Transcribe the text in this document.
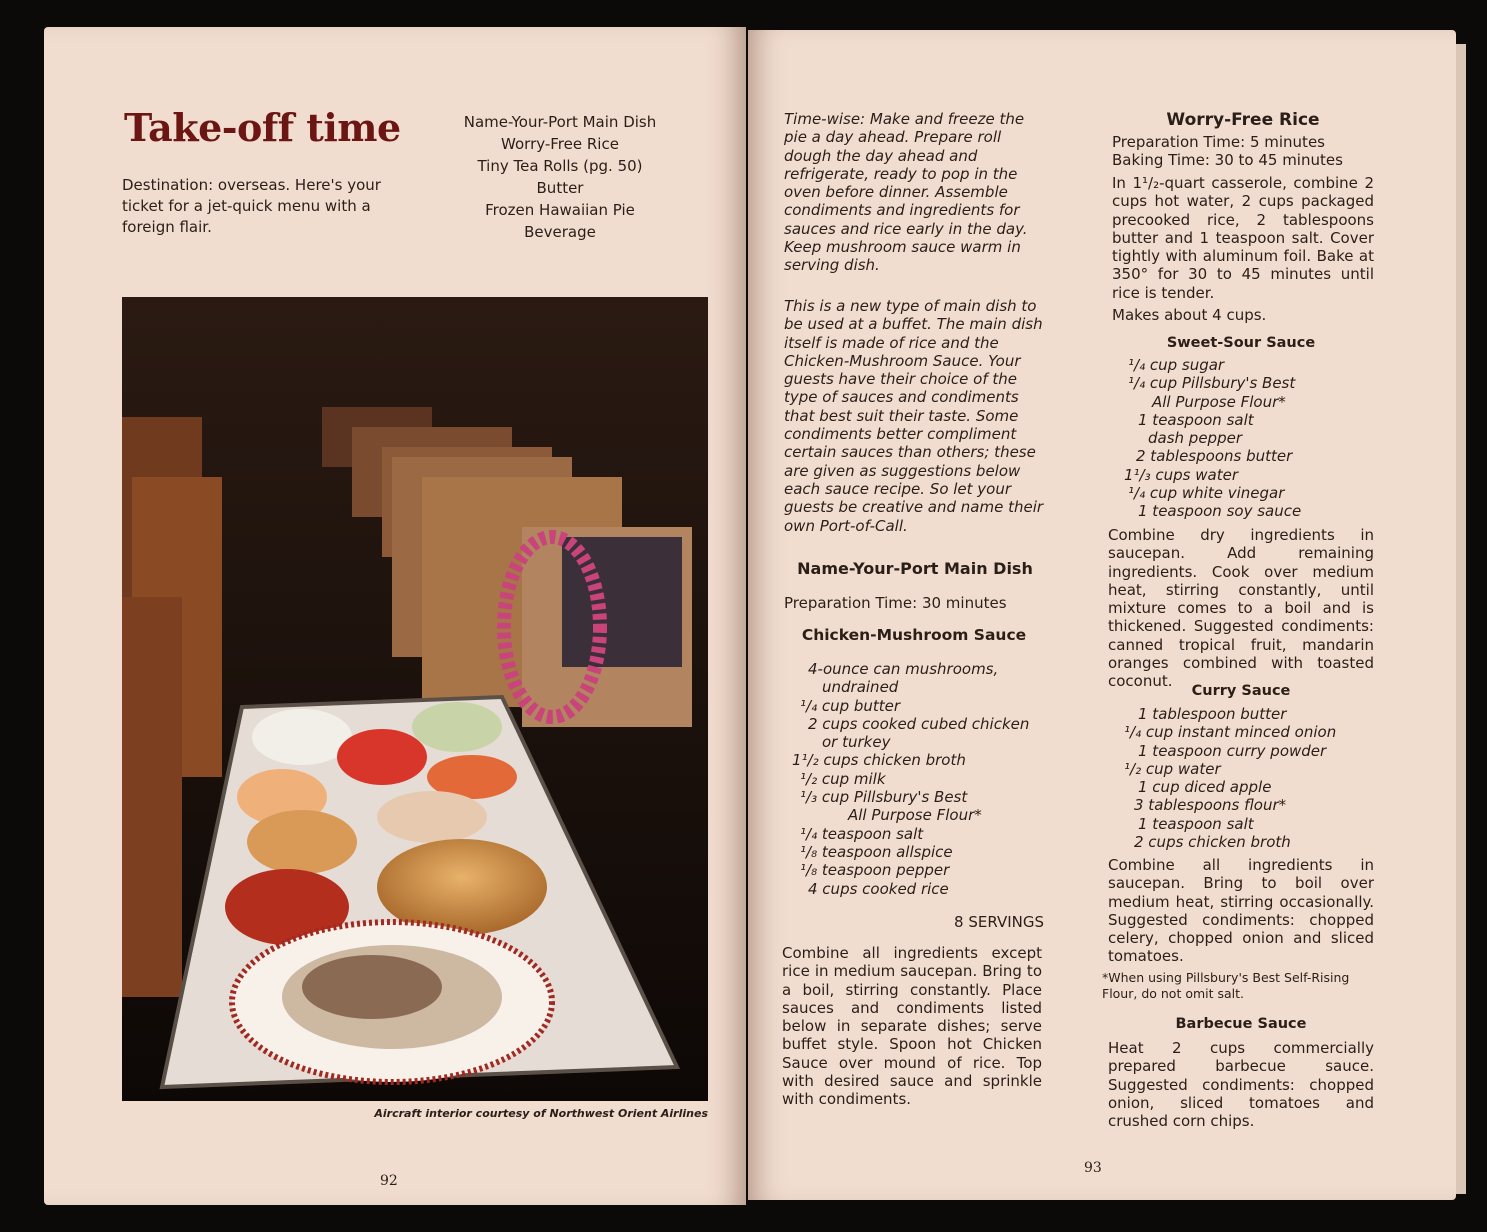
Take-off time
Destination: overseas. Here's your ticket for a jet-quick menu with a foreign flair.
Name-Your-Port Main Dish
Worry-Free Rice
Tiny Tea Rolls (pg. 50)
Butter
Frozen Hawaiian Pie
Beverage
Aircraft interior courtesy of Northwest Orient Airlines
92
Time-wise: Make and freeze the pie a day ahead. Prepare roll dough the day ahead and refrigerate, ready to pop in the oven before dinner. Assemble condiments and ingredients for sauces and rice early in the day. Keep mushroom sauce warm in serving dish.
This is a new type of main dish to be used at a buffet. The main dish itself is made of rice and the Chicken-Mushroom Sauce. Your guests have their choice of the type of sauces and condiments that best suit their taste. Some condiments better compliment certain sauces than others; these are given as suggestions below each sauce recipe. So let your guests be creative and name their own Port-of-Call.
Name-Your-Port Main Dish
Preparation Time: 30 minutes
Chicken-Mushroom Sauce
4-ounce can mushrooms,
undrained
¹/₄ cup butter
2 cups cooked cubed chicken
or turkey
1¹/₂ cups chicken broth
¹/₂ cup milk
¹/₃ cup Pillsbury's Best
All Purpose Flour*
¹/₄ teaspoon salt
¹/₈ teaspoon allspice
¹/₈ teaspoon pepper
4 cups cooked rice
8 SERVINGS
Combine all ingredients except rice in medium saucepan. Bring to a boil, stirring constantly. Place sauces and condiments listed below in separate dishes; serve buffet style. Spoon hot Chicken Sauce over mound of rice. Top with desired sauce and sprinkle with condiments.
Worry-Free Rice
Preparation Time: 5 minutes
Baking Time: 30 to 45 minutes
In 1¹/₂-quart casserole, combine 2 cups hot water, 2 cups packaged precooked rice, 2 tablespoons butter and 1 teaspoon salt. Cover tightly with aluminum foil. Bake at 350° for 30 to 45 minutes until rice is tender.
Makes about 4 cups.
Sweet-Sour Sauce
¹/₄ cup sugar
¹/₄ cup Pillsbury's Best
All Purpose Flour*
1 teaspoon salt
dash pepper
2 tablespoons butter
1¹/₃ cups water
¹/₄ cup white vinegar
1 teaspoon soy sauce
Combine dry ingredients in saucepan. Add remaining ingredients. Cook over medium heat, stirring constantly, until mixture comes to a boil and is thickened. Suggested condiments: canned tropical fruit, mandarin oranges combined with toasted coconut.
Curry Sauce
1 tablespoon butter
¹/₄ cup instant minced onion
1 teaspoon curry powder
¹/₂ cup water
1 cup diced apple
3 tablespoons flour*
1 teaspoon salt
2 cups chicken broth
Combine all ingredients in saucepan. Bring to boil over medium heat, stirring occasionally. Suggested condiments: chopped celery, chopped onion and sliced tomatoes.
*When using Pillsbury's Best Self-Rising Flour, do not omit salt.
Barbecue Sauce
Heat 2 cups commercially prepared barbecue sauce. Suggested condiments: chopped onion, sliced tomatoes and crushed corn chips.
93
